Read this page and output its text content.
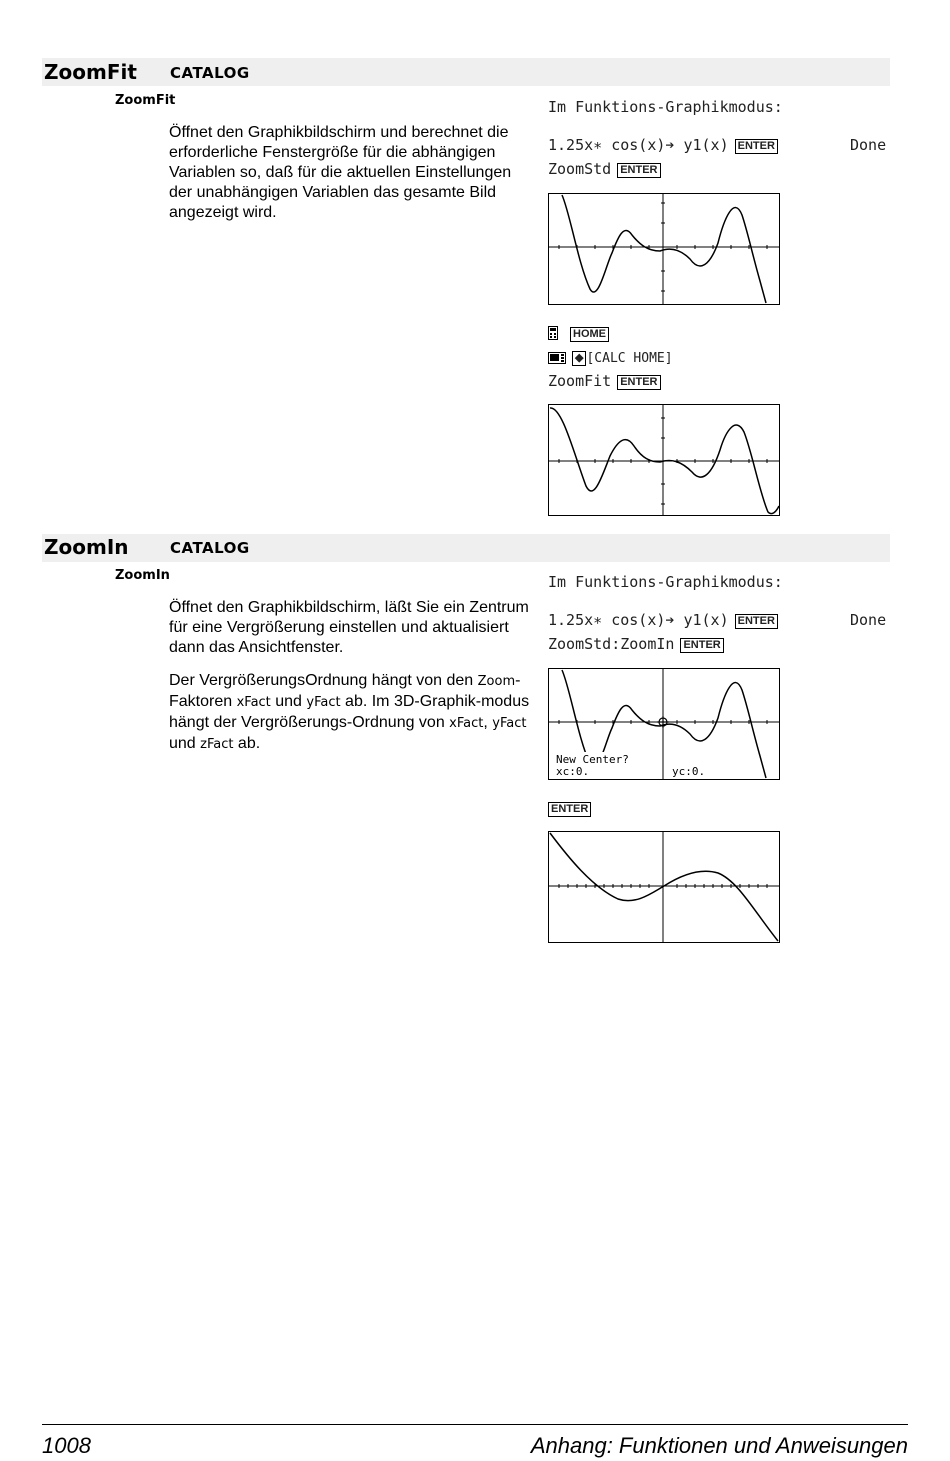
ZoomFit CATALOG
ZoomFit

Öffnet den Graphikbildschirm und berechnet die erforderliche Fenstergröße für die abhängigen Variablen so, daß für die aktuellen Einstellungen der unabhängigen Variablen das gesamte Bild angezeigt wird.

Im Funktions-Graphikmodus:
1.25x∗ cos(x)➔ y1(x) ENTER	Done
ZoomStd ENTER
HOME
◆ [CALC HOME]
ZoomFit ENTER
ZoomIn	CATALOG
ZoomIn

Öffnet den Graphikbildschirm, läßt Sie ein Zentrum für eine Vergrößerung einstellen und aktualisiert dann das Ansichtfenster.

Der VergrößerungsOrdnung hängt von den Zoom-Faktoren xFact und yFact ab. Im 3D-Graphik-modus hängt der Vergrößerungs-Ordnung von xFact, yFact und zFact ab.

Im Funktions-Graphikmodus:
1.25x∗ cos(x)➔ y1(x) ENTER	Done
ZoomStd:ZoomIn ENTER
New Center?
xc:0.	yc:0.
ENTER
1008	Anhang: Funktionen und Anweisungen
